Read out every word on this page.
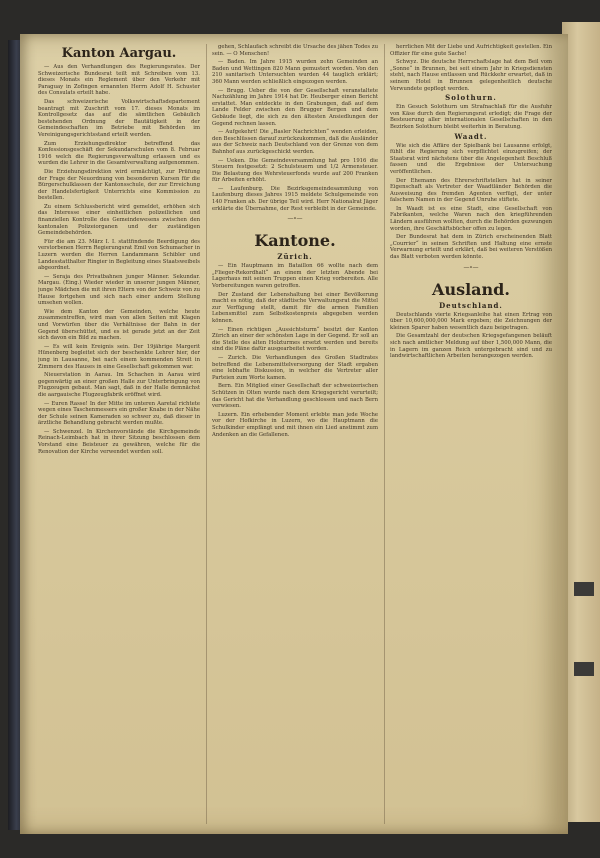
Kanton Aargau.

— Aus den Verhandlungen des Regierungsrates. Der Schweizerische Bundesrat teilt mit Schreiben vom 13. dieses Monats ein Reglement über den Verkehr mit Paraguay in Zofingen ernannten Herrn Adolf H. Schuster des Consulats erteilt habe.

Das schweizerische Volkswirtschaftsdepartement beantragt mit Zuschrift vom 17. dieses Monats im Kontrollgesetz das auf die sämtlichen Gebäulich bestehenden Ordnung der Bautätigkeit in der Gemeindeschaften im Betriebe mit Behörden im Vereinigungsgerichtsstand erteilt werden.

Zum Erziehungsdirektor betreffend das Konfessionsgeschäft der Sekundarschulen vom 8. Februar 1916 welch die Regierungsverwaltung erlassen und es wurden die Lehrer in die Gesamtverwaltung aufgenommen.

Die Erziehungsdirektion wird ermächtigt, zur Prüfung der Frage der Neuordnung von besonderen Kursen für die Bürgerschulklassen der Kantonsschule, der zur Erreichung der Handelsfertigkeit Unterrichts eine Kommission zu bestellen.

Zu einem Schlussbericht wird gemeldet, erhöhen sich das Interesse einer einheitlichen polizeilichen und finanziellen Kontrolle des Gemeindewesens zwischen den kantonalen Polizeiorganen und der zuständigen Gemeindebehörden.

Für die am 23. März I. I. stattfindende Beerdigung des verstorbenen Herrn Regierungsrat Emil von Schumacher in Luzern werden die Herren Landammann Schibler und Landesstatthalter Ringier in Begleitung eines Staatsweibels abgeordnet.

— Seraja des Privatbahnen junger Männer. Sekundar. Margau. (Eing.) Wieder wieder in unserer jungen Männer, junge Mädchen die mit ihren Eltern von der Schweiz von zu Hause fortgehen und sich nach einer andern Stellung umsehen wollen.

Wie dem Kanton der Gemeinden, welche heute zusammentreffen, wird man von allen Seiten mit Klagen und Vorwürfen über die Verhältnisse der Bahn in der Gegend überschüttet, und es ist gerade jetzt an der Zeit sich davon ein Bild zu machen.

— Es will kein Ereignis sein. Der 19jährige Margerit Hünenberg begleitet sich der beschenkte Lehrer hier, der jung in Lausanne, bei nach einem kommenden Streit in Zimmern des Hauses in eine Gesellschaft gekommen war.

Nieuerstation in Aarau. Im Schachen in Aarau wird gegenwärtig an einer großen Halle zur Unterbringung von Flugzeugen gebaut. Man sagt, daß in der Halle demnächst die aargauische Flugzeugfabrik eröffnet wird.

— Euren Rasse! In der Mitte im unteren Aaretal richtete wegen eines Taschenmessers ein großer Knabe in der Nähe der Schule seinen Kameraden so schwer zu, daß dieser in ärztliche Behandlung gebracht werden mußte.

— Schwenzel. In Kirchenvorstände die Kirchgemeinde Reinach-Leimbach hat in ihrer Sitzung beschlossen dem Vorstand eine Beisteuer zu gewähren, welche für die Renovation der Kirche verwendet werden soll.

gehen, Schlaufach schreibt die Ursache des jähen Todes zu sein. — O Menschen!

— Baden. Im Jahre 1915 wurden zehn Gemeinden an Baden und Wettingen 820 Mann gemustert worden. Von den 210 sanitarisch Untersuchten wurden 44 tauglich erklärt; 360 Mann werden schließlich eingezogen werden.

— Brugg. Ueber die von der Gesellschaft veranstaltete Nachzählung im Jahre 1914 hat Dr. Heuberger einen Bericht erstattet. Man entdeckte in den Grabungen, daß auf dem Lande Felder zwischen den Brugger Bergen und dem Gebäude liegt, die sich zu den ältesten Ansiedlungen der Gegend rechnen lassen.

— Aufgekehrt! Die „Basler Nachrichten“ wenden erleiden, den Beschlüssen darauf zurückzukommen, daß die Ausländer aus der Schweiz nach Deutschland von der Grenze von dem Bahnhof aus zurückgeschickt werden.

— Ueken. Die Gemeindeversammlung hat pro 1916 die Steuern festgesetzt: 2 Schulsteuern und 1/2 Armensteuer. Die Belastung des Wehrsteuerfonds wurde auf 200 Franken für Arbeiten erhöht.

— Laufenburg. Die Bezirksgemeindesammlung von Laufenburg dieses Jahres 1915 meldete Schulgemeinde von 140 Franken ab. Der übrige Teil wird. Herr Nationalrat Jäger erklärte die Übernahme, der Rest verbleibt in der Gemeinde.

—∘—
Kantone.
Zürich.

— Ein Hauptmann im Bataillon 66 wollte nach dem „Flieger-Rekordhalt“ an einem der letzten Abende bei Lagerhaus mit seinen Truppen einen Krieg vorbereiten. Alle Vorbereitungen waren getroffen.

Der Zustand der Lebenshaltung bei einer Bevölkerung macht es nötig, daß der städtische Verwaltungsrat die Mittel zur Verfügung stellt, damit für die armen Familien Lebensmittel zum Selbstkostenpreis abgegeben werden können.

— Einen richtigen „Aussichtsturm“ besitzt der Kanton Zürich an einer der schönsten Lage in der Gegend. Er soll an die Stelle des alten Holzturmes ersetzt werden und bereits sind die Pläne dafür ausgearbeitet worden.

— Zurich. Die Verhandlungen des Großen Stadtrates betreffend die Lebensmittelversorgung der Stadt ergaben eine lebhafte Diskussion, in welcher die Vertreter aller Parteien zum Worte kamen.

Bern. Ein Mitglied einer Gesellschaft der schweizerischen Schützen in Olten wurde nach dem Kriegsgericht verurteilt; das Gericht hat die Verhandlung geschlossen und nach Bern verwiesen.

Luzern. Ein erhebender Moment erlebte man jede Woche vor der Hofkirche in Luzern, wo die Hauptmann die Schulkinder empfängt und mit ihnen ein Lied anstimmt zum Andenken an die Gefallenen.

herrlichen Mit der Liebe und Aufrichtigkeit gestellen. Ein Offizier für eine gute Sache!

Schwyz. Die deutsche Herrschaftslage hat dem Beil vom „Sonne“ in Brunnen, bei seit einem Jahr in Kriegsdiensten steht, nach Hause entlassen und Rückkehr erwartet, daß in seinem Hotel in Brunnen gelegenheitlich deutsche Verwundete gepflegt werden.

Solothurn.

Ein Gesuch Solothurn um Strafnachlaß für die Ausfuhr von Käse durch den Regierungsrat erledigt; die Frage der Besteuerung aller internationalen Gesellschaften in den Bezirken Solothurn bleibt weiterhin in Beratung.

Waadt.

Wie sich die Affäre der Spielbank bei Lausanne erfolgt, fühlt die Regierung sich verpflichtet einzugreifen; der Staatsrat wird nächstens über die Angelegenheit Beschluß fassen und die Ergebnisse der Untersuchung veröffentlichen.

Der Ehemann des Ehrerschriftstellers hat in seiner Eigenschaft als Vertreter der Waadtländer Behörden die Ausweisung des fremden Agenten verfügt, der unter falschem Namen in der Gegend Unruhe stiftete.

In Waadt ist es eine Stadt, eine Gesellschaft von Fabrikanten, welche Waren nach den kriegführenden Ländern ausführen wollten, durch die Behörden gezwungen worden, ihre Geschäftsbücher offen zu legen.

Der Bundesrat hat dem in Zürich erscheinenden Blatt „Courrier“ in seinen Schriften und Haltung eine ernste Verwarnung erteilt und erklärt, daß bei weiteren Verstößen das Blatt verboten werden könnte.

—∘—
Ausland.
Deutschland.

Deutschlands vierte Kriegsanleihe hat einen Ertrag von über 10,600,000,000 Mark ergeben; die Zeichnungen der kleinen Sparer haben wesentlich dazu beigetragen.

Die Gesamtzahl der deutschen Kriegsgefangenen beläuft sich nach amtlicher Meldung auf über 1,500,000 Mann, die in Lagern im ganzen Reich untergebracht sind und zu landwirtschaftlichen Arbeiten herangezogen werden.
